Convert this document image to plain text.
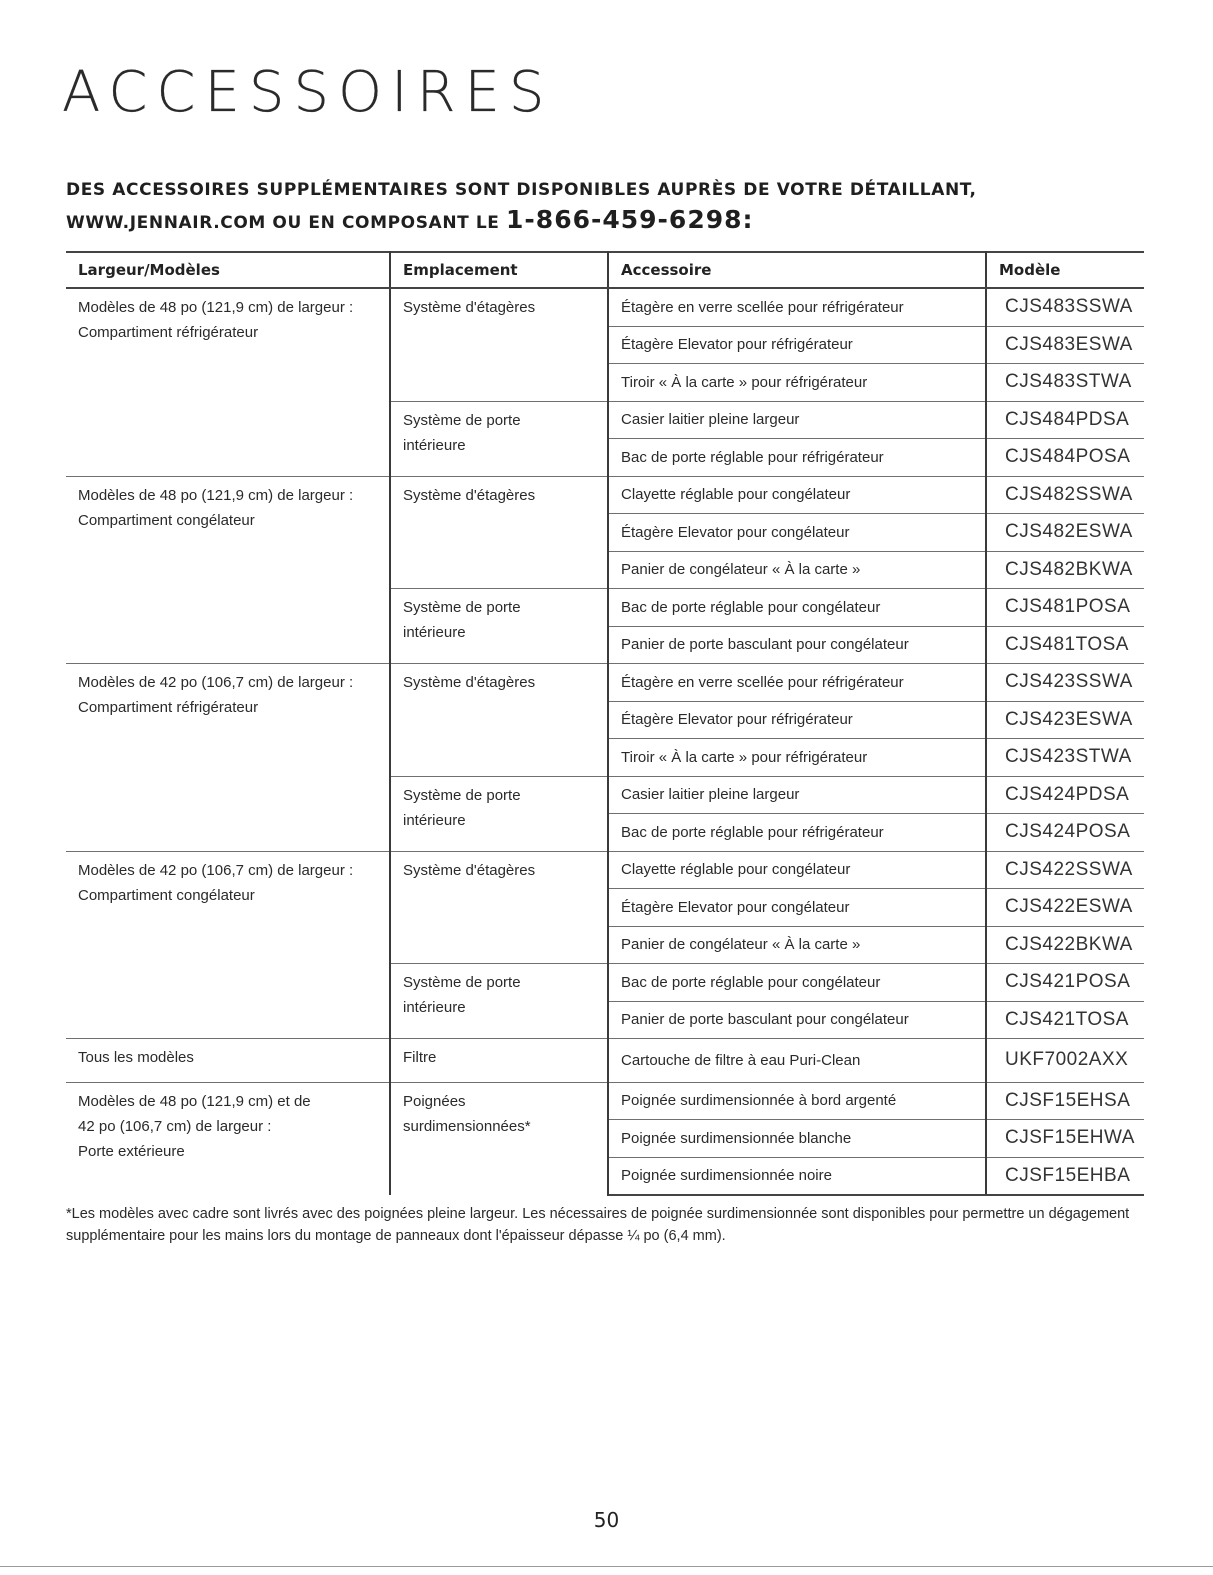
ACCESSOIRES
DES ACCESSOIRES SUPPLÉMENTAIRES SONT DISPONIBLES AUPRÈS DE VOTRE DÉTAILLANT,
WWW.JENNAIR.COM OU EN COMPOSANT LE 1-866-459-6298:
Largeur/Modèles	Emplacement	Accessoire	Modèle

Modèles de 48 po (121,9 cm) de largeur :
Compartiment réfrigérateur	Système d'étagères	Étagère en verre scellée pour réfrigérateur	CJS483SSWA
		Étagère Elevator pour réfrigérateur	CJS483ESWA
		Tiroir « À la carte » pour réfrigérateur	CJS483STWA

	Système de porte
intérieure	Casier laitier pleine largeur	CJS484PDSA
		Bac de porte réglable pour réfrigérateur	CJS484POSA

Modèles de 48 po (121,9 cm) de largeur :
Compartiment congélateur	Système d'étagères	Clayette réglable pour congélateur	CJS482SSWA
		Étagère Elevator pour congélateur	CJS482ESWA
		Panier de congélateur « À la carte »	CJS482BKWA

	Système de porte
intérieure	Bac de porte réglable pour congélateur	CJS481POSA
		Panier de porte basculant pour congélateur	CJS481TOSA

Modèles de 42 po (106,7 cm) de largeur :
Compartiment réfrigérateur	Système d'étagères	Étagère en verre scellée pour réfrigérateur	CJS423SSWA
		Étagère Elevator pour réfrigérateur	CJS423ESWA
		Tiroir « À la carte » pour réfrigérateur	CJS423STWA

	Système de porte
intérieure	Casier laitier pleine largeur	CJS424PDSA
		Bac de porte réglable pour réfrigérateur	CJS424POSA

Modèles de 42 po (106,7 cm) de largeur :
Compartiment congélateur	Système d'étagères	Clayette réglable pour congélateur	CJS422SSWA
		Étagère Elevator pour congélateur	CJS422ESWA
		Panier de congélateur « À la carte »	CJS422BKWA

	Système de porte
intérieure	Bac de porte réglable pour congélateur	CJS421POSA
		Panier de porte basculant pour congélateur	CJS421TOSA

Tous les modèles	Filtre	Cartouche de filtre à eau Puri-Clean	UKF7002AXX

Modèles de 48 po (121,9 cm) et de
42 po (106,7 cm) de largeur :
Porte extérieure	Poignées
surdimensionnées*	Poignée surdimensionnée à bord argenté	CJSF15EHSA
		Poignée surdimensionnée blanche	CJSF15EHWA
		Poignée surdimensionnée noire	CJSF15EHBA
*Les modèles avec cadre sont livrés avec des poignées pleine largeur. Les nécessaires de poignée surdimensionnée sont disponibles pour permettre un dégagement supplémentaire pour les mains lors du montage de panneaux dont l'épaisseur dépasse ¼ po (6,4 mm).
50
